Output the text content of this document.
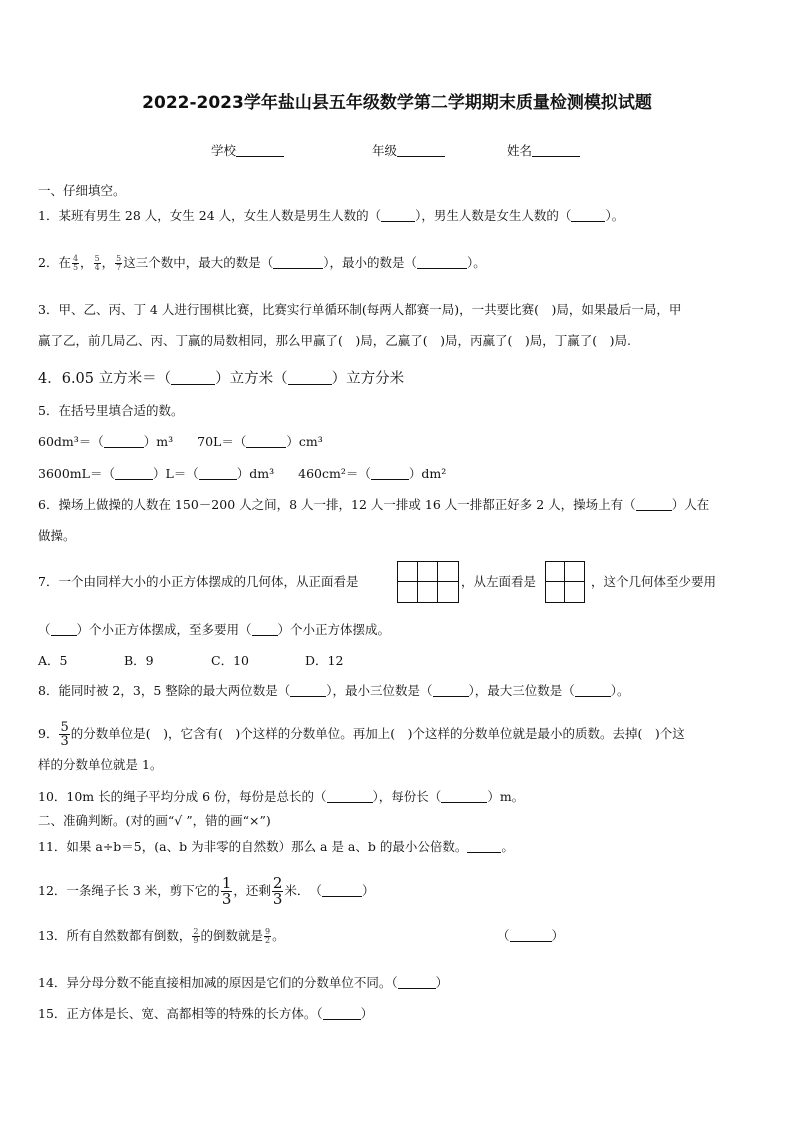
2022-2023学年盐山县五年级数学第二学期期末质量检测模拟试题
学校	年级	姓名
一、仔细填空。
1．某班有男生 28 人，女生 24 人，女生人数是男生人数的（	），男生人数是女生人数的（	）。
2．在 $\frac{4}{5}$ ， $\frac{5}{4}$ ， $\frac{5}{7}$ 这三个数中，最大的数是（	），最小的数是（	）。
3．甲、乙、丙、丁 4 人进行围棋比赛，比赛实行单循环制(每两人都赛一局)，一共要比赛(　)局，如果最后一局，甲
赢了乙，前几局乙、丙、丁赢的局数相同，那么甲赢了(　)局，乙赢了(　)局，丙赢了(　)局，丁赢了(　)局.
4．6.05 立方米＝（	）立方米（	）立方分米
5．在括号里填合适的数。
60dm³＝（	）m³ 70L＝（	）cm³
3600mL＝（	）L＝（	）dm³ 460cm²＝（	）dm²
6．操场上做操的人数在 150－200 人之间，8 人一排，12 人一排或 16 人一排都正好多 2 人，操场上有（	）人在
做操。
7．一个由同样大小的小正方体摆成的几何体，从正面看是	，从左面看是	，这个几何体至少要用
（ ）个小正方体摆成，至多要用（ ）个小正方体摆成。
A．5	B．9	C．10	D．12
8．能同时被 2，3，5 整除的最大两位数是（	），最小三位数是（	），最大三位数是（	）。
9． $\frac{5}{3}$ 的分数单位是(　)，它含有(　)个这样的分数单位。再加上(　)个这样的分数单位就是最小的质数。去掉(　)个这
样的分数单位就是 1。
10．10m 长的绳子平均分成 6 份，每份是总长的（	），每份长（	）m。
二、准确判断。(对的画“√ ”，错的画“×”)
11．如果 a÷b＝5，(a、b 为非零的自然数）那么 a 是 a、b 的最小公倍数。	。
12．一条绳子长 3 米，剪下它的 $\frac{1}{3}$ ，还剩 $\frac{2}{3}$ 米．　（	）
13．所有自然数都有倒数， $\frac{2}{9}$ 的倒数就是 $\frac{9}{2}$ 。	（	）
14．异分母分数不能直接相加减的原因是它们的分数单位不同。（	）
15．正方体是长、宽、高都相等的特殊的长方体。（	）
